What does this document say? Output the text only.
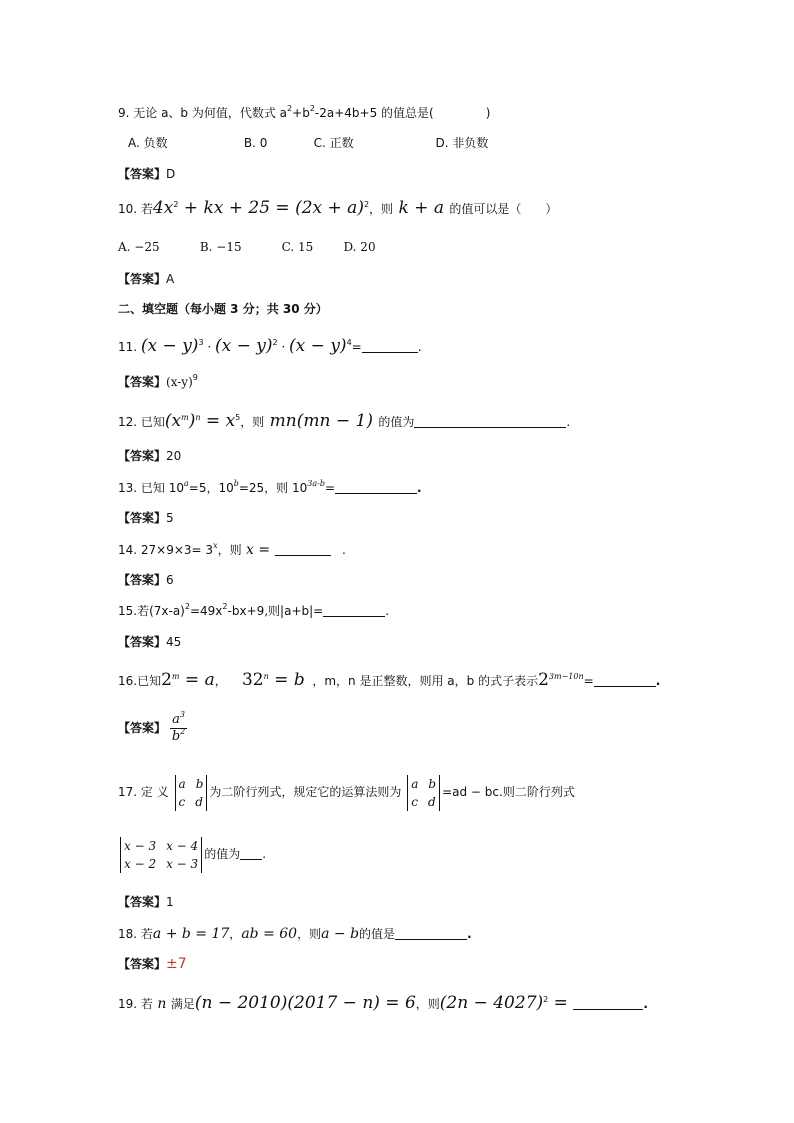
9. 无论 a、b 为何值，代数式 $a^2+b^2-2a+4b+5$ 的值总是(	)
A. 负数	B. 0	C. 正数	D. 非负数
【答案】D
10. 若$4x^2$ + kx + $25 = (2x + a)^2$，则 k + a 的值可以是（　　）
A. −25	B. −15	C. 15	D. 20
【答案】A
二、填空题（每小题 3 分；共 30 分）
11. $(x - y)^3 \cdot (x - y)^2 \cdot (x - y)^4=$	.
【答案】$(x-y)^9$
12. 已知$(x^m)^n = x^5$，则 mn(mn − 1) 的值为	.
【答案】20
13. 已知 $10^a=5$，$10^b=25$，则 $10^{3a-b}=$	.
【答案】5
14. $27\times 9\times 3= 3^x$，则 x =	.
【答案】6
15.若$(7x-a)^2=49x^2-bx+9$,则|a+b|=	.
【答案】45
16.已知$2^m = a$， $32^n = b$ ，m，n 是正整数，则用 a，b 的式子表示$2^{3m-10n}=$	.
【答案】 $\frac{a^3}{b^2}$
17. 定 义
a b
c d
为二阶行列式，规定它的运算法则为
a b
c d
=ad − bc.则二阶行列式
x − 3 x − 4
x − 2 x − 3
的值为 .
【答案】1
18. 若a + b = 17，ab = 60，则a − b的值是	.
【答案】±7
19. 若 n 满足(n − 2010)(2017 − n) = 6，则$(2n - 4027)^2$ =	.
